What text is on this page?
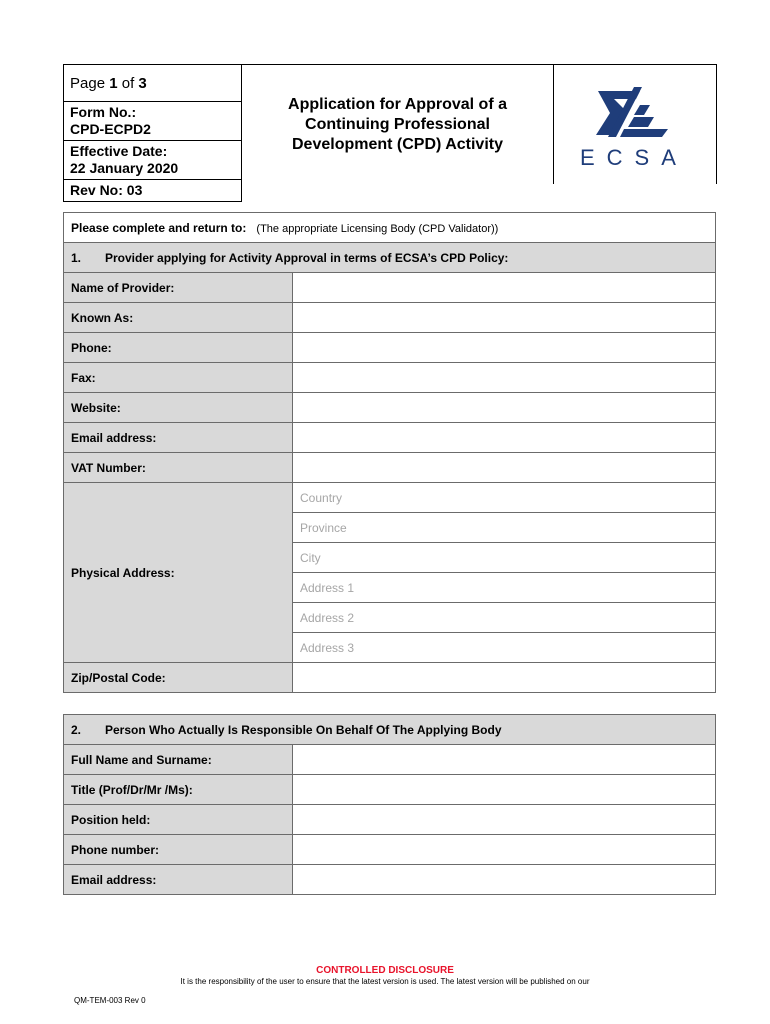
Page
1
of
3
Form No.:
CPD-ECPD2
Effective Date:
22 January 2020
Rev No: 03
Application for Approval of a Continuing Professional Development (CPD) Activity
ECSA
Please complete and return to: (The appropriate Licensing Body (CPD Validator))	
1. Provider applying for Activity Approval in terms of ECSA’s CPD Policy:	
Name of Provider:	
Known As:	
Phone:	
Fax:	
Website:	
Email address:	
VAT Number:	
Physical Address:	Country
	Province
	City
	Address 1
	Address 2
	Address 3
Zip/Postal Code:	
2. Person Who Actually Is Responsible On Behalf Of The Applying Body	
Full Name and Surname:	
Title (Prof/Dr/Mr /Ms):	
Position held:	
Phone number:	
Email address:	
CONTROLLED DISCLOSURE
It is the responsibility of the user to ensure that the latest version is used. The latest version will be published on our
QM-TEM-003 Rev 0
